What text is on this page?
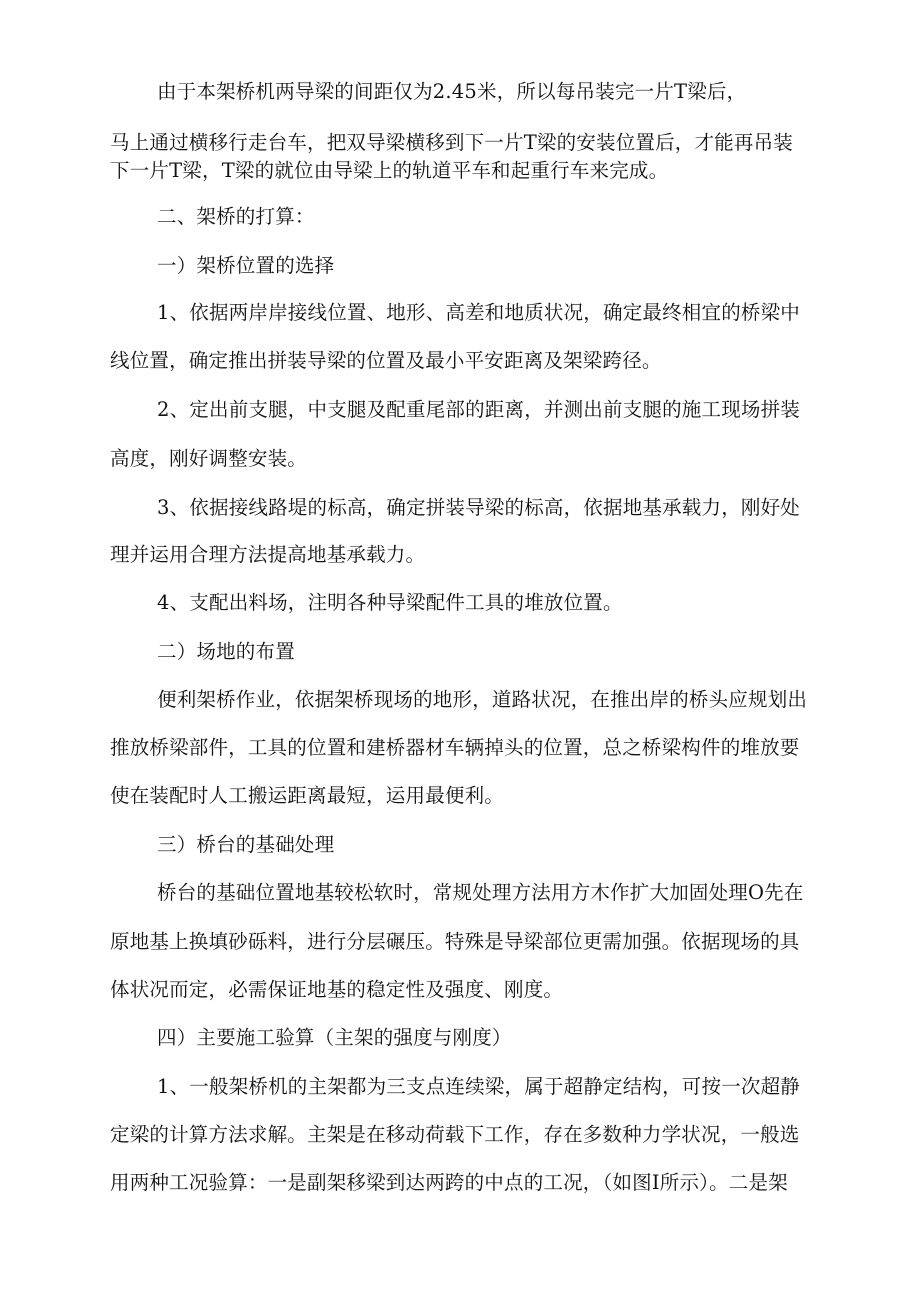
由于本架桥机两导梁的间距仅为2.45米，所以每吊装完一片T梁后，
马上通过横移行走台车，把双导梁横移到下一片T梁的安装位置后，才能再吊装
下一片T梁，T梁的就位由导梁上的轨道平车和起重行车来完成。
二、架桥的打算：
一）架桥位置的选择
1、依据两岸岸接线位置、地形、高差和地质状况，确定最终相宜的桥梁中
线位置，确定推出拼装导梁的位置及最小平安距离及架梁跨径。
2、定出前支腿，中支腿及配重尾部的距离，并测出前支腿的施工现场拼装
高度，刚好调整安装。
3、依据接线路堤的标高，确定拼装导梁的标高，依据地基承载力，刚好处
理并运用合理方法提高地基承载力。
4、支配出料场，注明各种导梁配件工具的堆放位置。
二）场地的布置
便利架桥作业，依据架桥现场的地形，道路状况，在推出岸的桥头应规划出
推放桥梁部件，工具的位置和建桥器材车辆掉头的位置，总之桥梁构件的堆放要
使在装配时人工搬运距离最短，运用最便利。
三）桥台的基础处理
桥台的基础位置地基较松软时，常规处理方法用方木作扩大加固处理O先在
原地基上换填砂砾料，进行分层碾压。特殊是导梁部位更需加强。依据现场的具
体状况而定，必需保证地基的稳定性及强度、刚度。
四）主要施工验算（主架的强度与刚度）
1、一般架桥机的主架都为三支点连续梁，属于超静定结构，可按一次超静
定梁的计算方法求解。主架是在移动荷载下工作，存在多数种力学状况，一般选
用两种工况验算：一是副架移梁到达两跨的中点的工况，（如图I所示）。二是架
